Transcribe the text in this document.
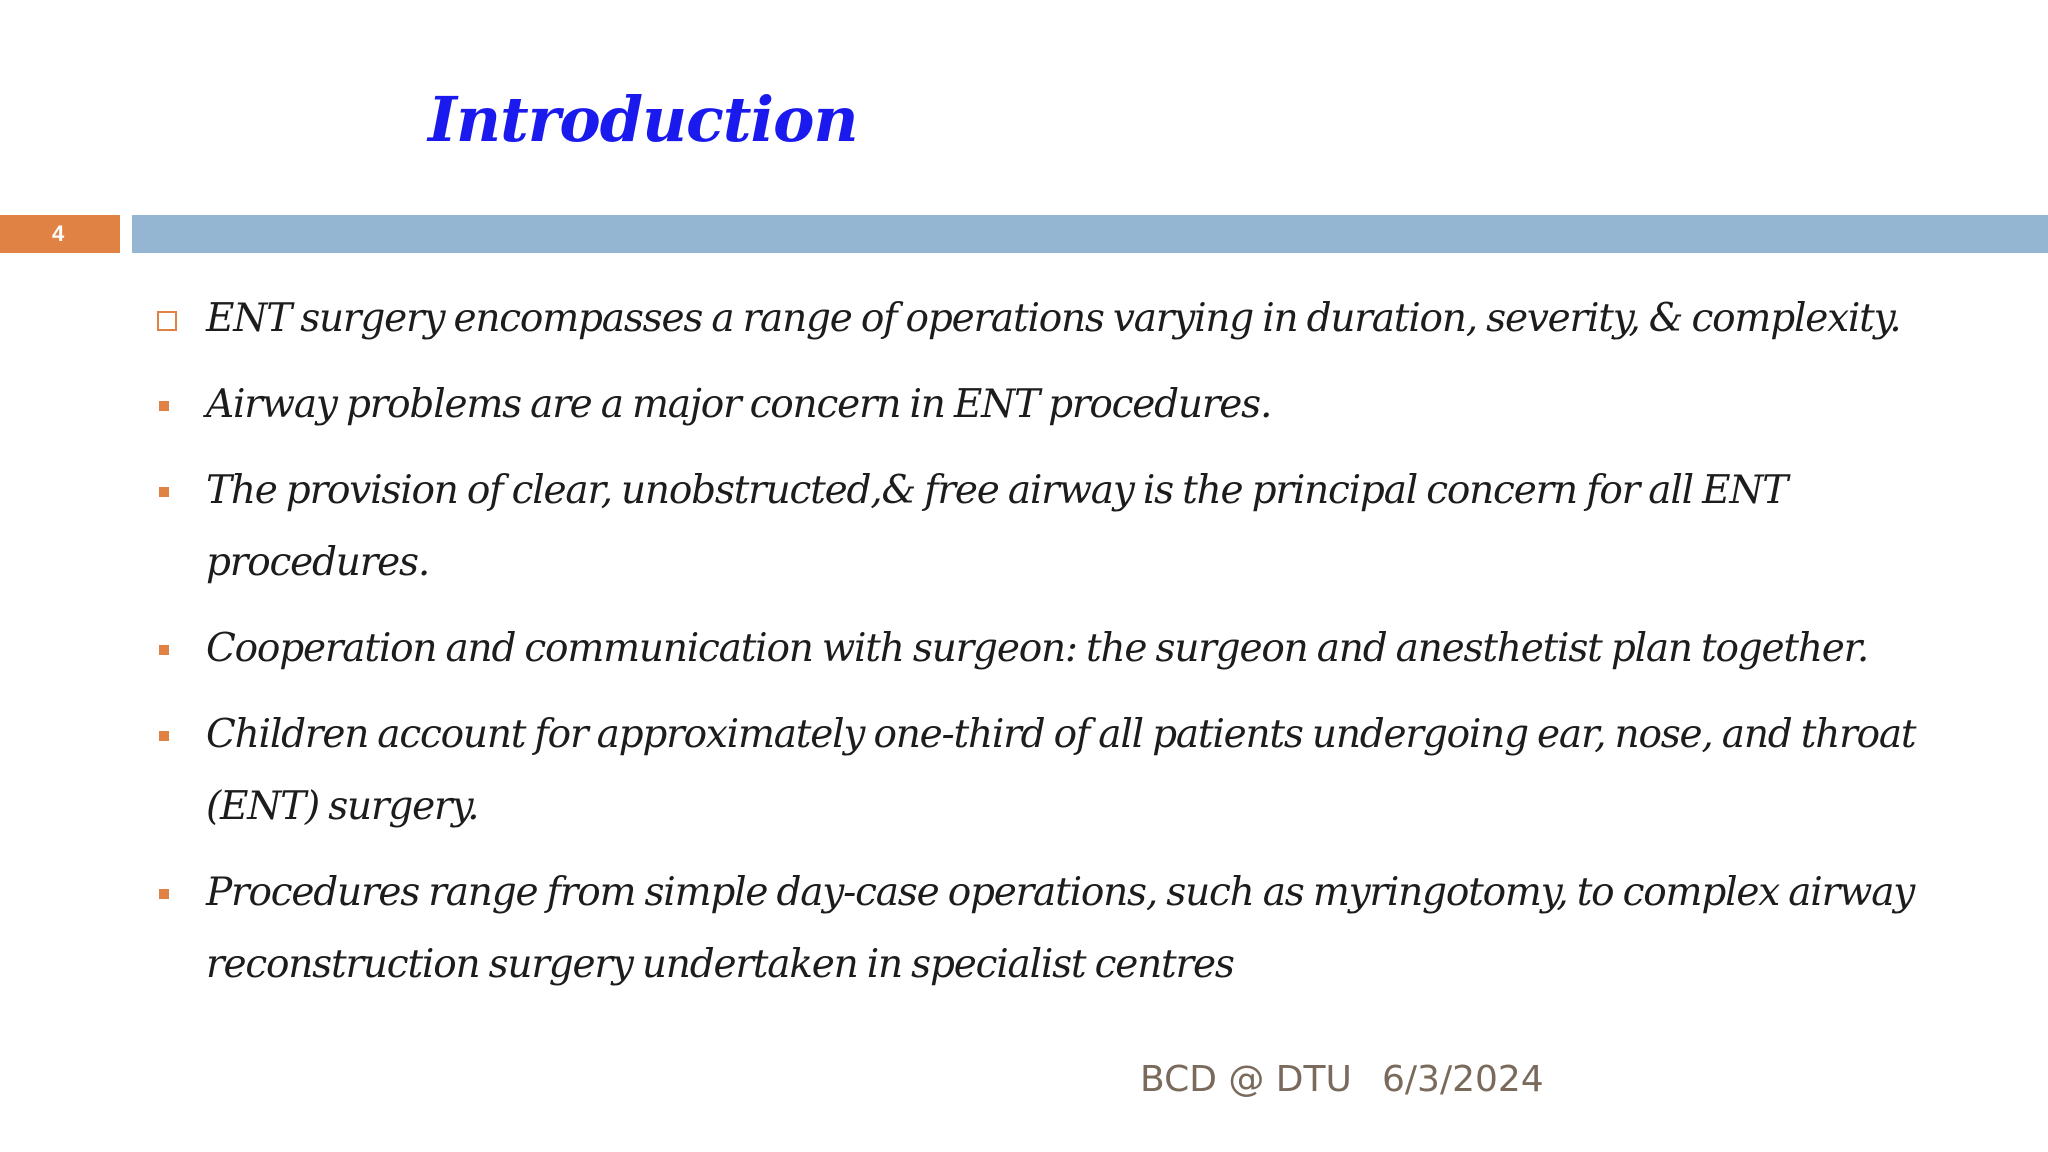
Introduction
4
ENT surgery encompasses a range of operations varying in duration, severity, & complexity.
Airway problems are a major concern in ENT procedures.
The provision of clear, unobstructed,& free airway is the principal concern for all ENT procedures.
Cooperation and communication with surgeon: the surgeon and anesthetist plan together.
Children account for approximately one-third of all patients undergoing ear, nose, and throat (ENT) surgery.
Procedures range from simple day-case operations, such as myringotomy, to complex airway reconstruction surgery undertaken in specialist centres
BCD @ DTU 6/3/2024
